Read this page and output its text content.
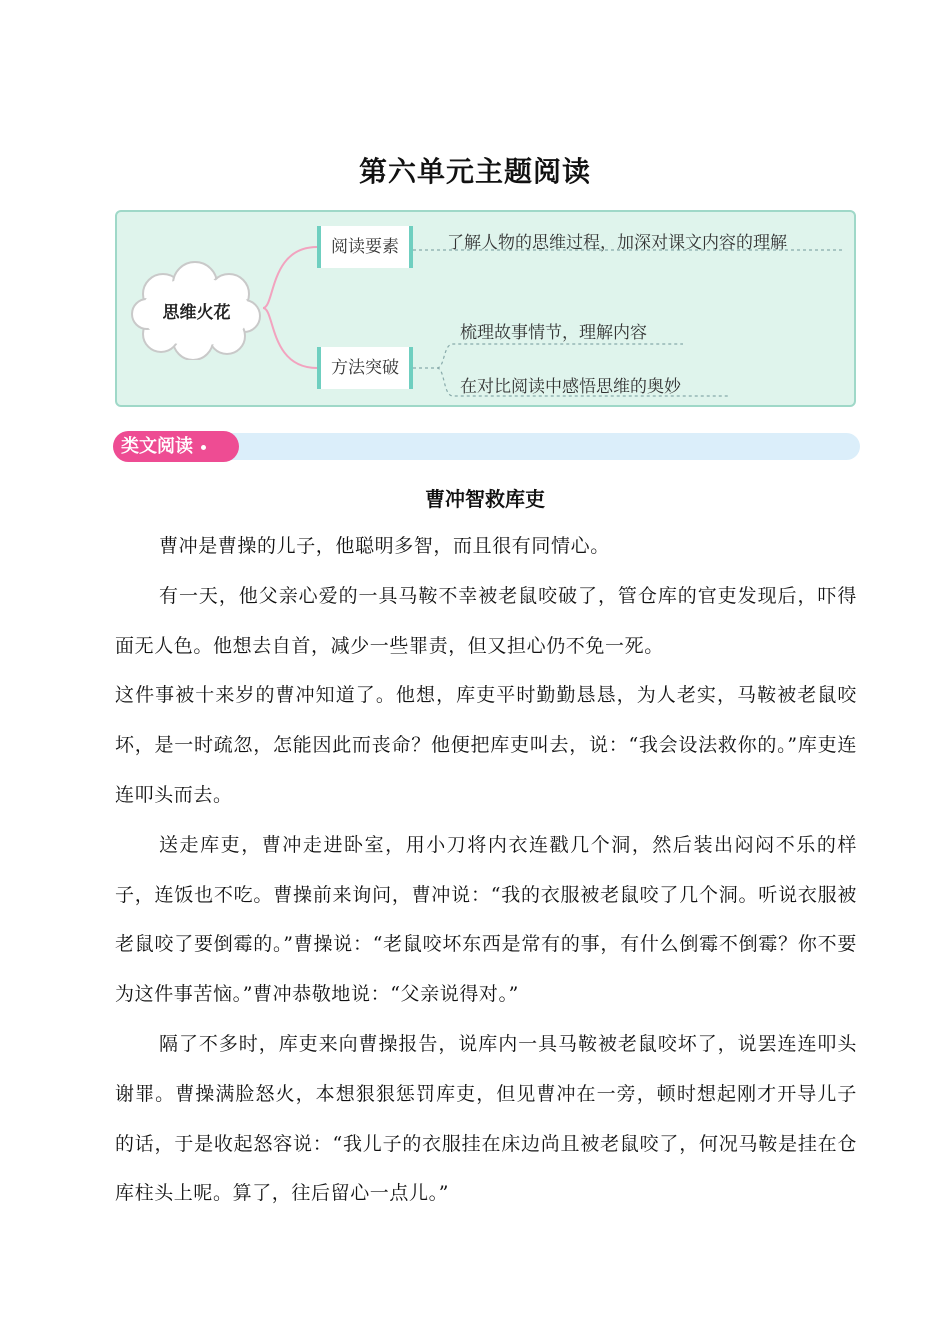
第六单元主题阅读
思维火花
阅读要素	了解人物的思维过程，加深对课文内容的理解
方法突破
梳理故事情节，理解内容
在对比阅读中感悟思维的奥妙
类文阅读
曹冲智救库吏

曹冲是曹操的儿子，他聪明多智，而且很有同情心。

有一天，他父亲心爱的一具马鞍不幸被老鼠咬破了，管仓库的官吏发现后，吓得面无人色。他想去自首，减少一些罪责，但又担心仍不免一死。

这件事被十来岁的曹冲知道了。他想，库吏平时勤勤恳恳，为人老实，马鞍被老鼠咬坏，是一时疏忽，怎能因此而丧命？他便把库吏叫去，说：“我会设法救你的。”库吏连连叩头而去。

送走库吏，曹冲走进卧室，用小刀将内衣连戳几个洞，然后装出闷闷不乐的样子，连饭也不吃。曹操前来询问，曹冲说：“我的衣服被老鼠咬了几个洞。听说衣服被老鼠咬了要倒霉的。”曹操说：“老鼠咬坏东西是常有的事，有什么倒霉不倒霉？你不要为这件事苦恼。”曹冲恭敬地说：“父亲说得对。”

隔了不多时，库吏来向曹操报告，说库内一具马鞍被老鼠咬坏了，说罢连连叩头谢罪。曹操满脸怒火，本想狠狠惩罚库吏，但见曹冲在一旁，顿时想起刚才开导儿子的话，于是收起怒容说：“我儿子的衣服挂在床边尚且被老鼠咬了，何况马鞍是挂在仓库柱头上呢。算了，往后留心一点儿。”
